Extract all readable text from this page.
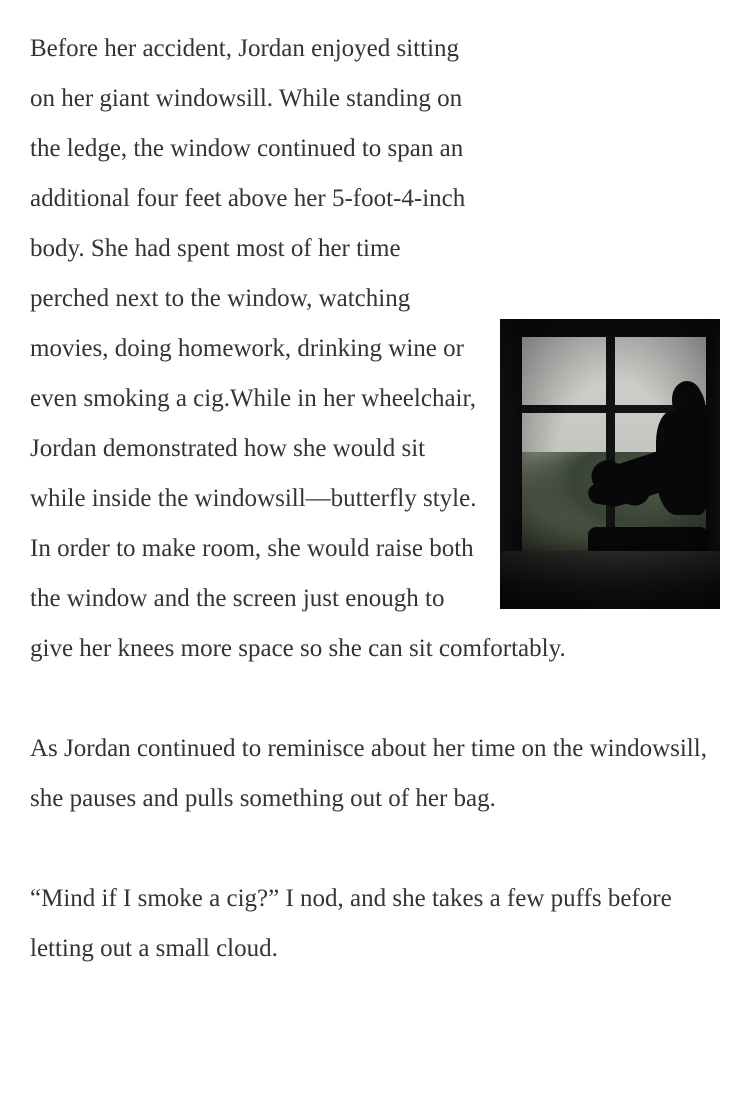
Before her accident, Jordan enjoyed sitting on her giant windowsill. While standing on the ledge, the window continued to span an additional four feet above her 5-foot-4-inch body. She had spent most of her time perched next to the window, watching movies, doing homework, drinking wine or even smoking a cig.While in her wheelchair, Jordan demonstrated how she would sit while inside the windowsill—butterfly style. In order to make room, she would raise both the window and the screen just enough to give her knees more space so she can sit comfortably.

As Jordan continued to reminisce about her time on the windowsill, she pauses and pulls something out of her bag.

“Mind if I smoke a cig?” I nod, and she takes a few puffs before letting out a small cloud.
